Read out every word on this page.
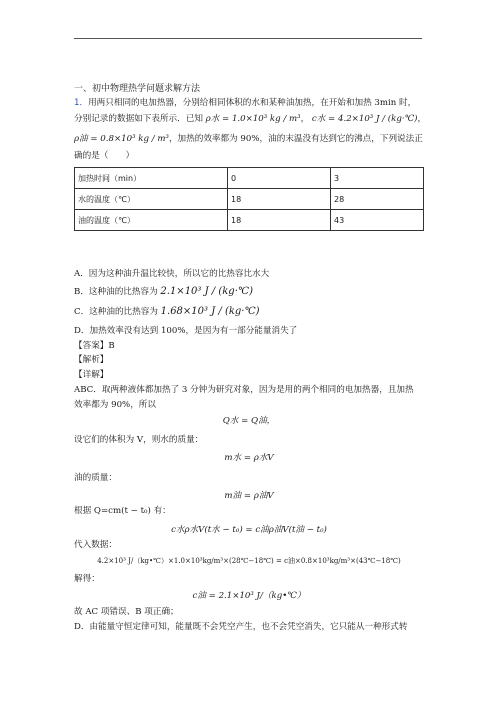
一、初中物理热学问题求解方法
1．用两只相同的电加热器，分别给相同体积的水和某种油加热，在开始和加热 3min 时，
分别记录的数据如下表所示．已知 ρ水 = 1.0×10³ kg / m³， c水 = 4.2×10³ J / (kg·℃)，
ρ油 = 0.8×10³ kg / m³，加热的效率都为 90%，油的末温没有达到它的沸点，下列说法正
确的是（　　）
加热时间（min）	0	3
水的温度（℃）	18	28
油的温度（℃）	18	43
A．因为这种油升温比较快，所以它的比热容比水大
B．这种油的比热容为 2.1×10³ J / (kg·℃)
C．这种油的比热容为 1.68×10³ J / (kg·℃)
D．加热效率没有达到 100%，是因为有一部分能量消失了
【答案】B
【解析】
【详解】
ABC．取两种液体都加热了 3 分钟为研究对象，因为是用的两个相同的电加热器，且加热
效率都为 90%，所以
Q水 = Q油，
设它们的体积为 V，则水的质量：
m水 = ρ水V
油的质量：
m油 = ρ油V
根据 Q=cm(t − t₀) 有：
c水ρ水V(t水 − t₀) = c油ρ油V(t油 − t₀)
代入数据：
4.2×10³ J/（kg•℃）×1.0×10³kg/m³×(28℃−18℃) = c油×0.8×10³kg/m³×(43℃−18℃)
解得：
c油 = 2.1×10³ J/（kg•℃）
故 AC 项错误、B 项正确；
D．由能量守恒定律可知，能量既不会凭空产生，也不会凭空消失，它只能从一种形式转
